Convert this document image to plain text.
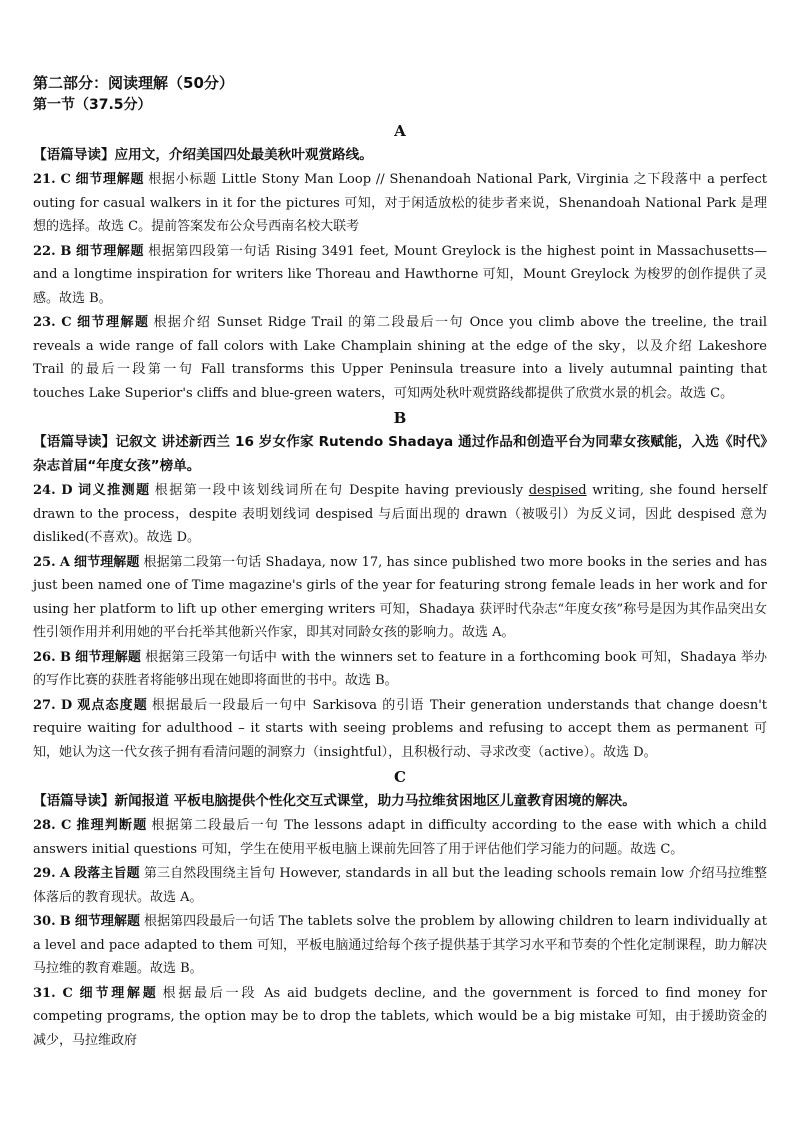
第二部分：阅读理解（50分）
第一节（37.5分）
A
【语篇导读】应用文，介绍美国四处最美秋叶观赏路线。
21. C 细节理解题 根据小标题 Little Stony Man Loop // Shenandoah National Park, Virginia 之下段落中 a perfect outing for casual walkers in it for the pictures 可知，对于闲适放松的徒步者来说，Shenandoah National Park 是理想的选择。故选 C。提前答案发布公众号西南名校大联考
22. B 细节理解题 根据第四段第一句话 Rising 3491 feet, Mount Greylock is the highest point in Massachusetts—and a longtime inspiration for writers like Thoreau and Hawthorne 可知，Mount Greylock 为梭罗的创作提供了灵感。故选 B。
23. C 细节理解题 根据介绍 Sunset Ridge Trail 的第二段最后一句 Once you climb above the treeline, the trail reveals a wide range of fall colors with Lake Champlain shining at the edge of the sky，以及介绍 Lakeshore Trail 的最后一段第一句 Fall transforms this Upper Peninsula treasure into a lively autumnal painting that touches Lake Superior's cliffs and blue-green waters，可知两处秋叶观赏路线都提供了欣赏水景的机会。故选 C。
B
【语篇导读】记叙文 讲述新西兰 16 岁女作家 Rutendo Shadaya 通过作品和创造平台为同辈女孩赋能，入选《时代》杂志首届“年度女孩”榜单。
24. D 词义推测题 根据第一段中该划线词所在句 Despite having previously despised writing, she found herself drawn to the process，despite 表明划线词 despised 与后面出现的 drawn（被吸引）为反义词，因此 despised 意为 disliked(不喜欢)。故选 D。
25. A 细节理解题 根据第二段第一句话 Shadaya, now 17, has since published two more books in the series and has just been named one of Time magazine's girls of the year for featuring strong female leads in her work and for using her platform to lift up other emerging writers 可知，Shadaya 获评时代杂志“年度女孩”称号是因为其作品突出女性引领作用并利用她的平台托举其他新兴作家，即其对同龄女孩的影响力。故选 A。
26. B 细节理解题 根据第三段第一句话中 with the winners set to feature in a forthcoming book 可知，Shadaya 举办的写作比赛的获胜者将能够出现在她即将面世的书中。故选 B。
27. D 观点态度题 根据最后一段最后一句中 Sarkisova 的引语 Their generation understands that change doesn't require waiting for adulthood – it starts with seeing problems and refusing to accept them as permanent 可知，她认为这一代女孩子拥有看清问题的洞察力（insightful），且积极行动、寻求改变（active）。故选 D。
C
【语篇导读】新闻报道 平板电脑提供个性化交互式课堂，助力马拉维贫困地区儿童教育困境的解决。
28. C 推理判断题 根据第二段最后一句 The lessons adapt in difficulty according to the ease with which a child answers initial questions 可知，学生在使用平板电脑上课前先回答了用于评估他们学习能力的问题。故选 C。
29. A 段落主旨题 第三自然段围绕主旨句 However, standards in all but the leading schools remain low 介绍马拉维整体落后的教育现状。故选 A。
30. B 细节理解题 根据第四段最后一句话 The tablets solve the problem by allowing children to learn individually at a level and pace adapted to them 可知，平板电脑通过给每个孩子提供基于其学习水平和节奏的个性化定制课程，助力解决马拉维的教育难题。故选 B。
31. C 细节理解题 根据最后一段 As aid budgets decline, and the government is forced to find money for competing programs, the option may be to drop the tablets, which would be a big mistake 可知，由于援助资金的减少，马拉维政府
